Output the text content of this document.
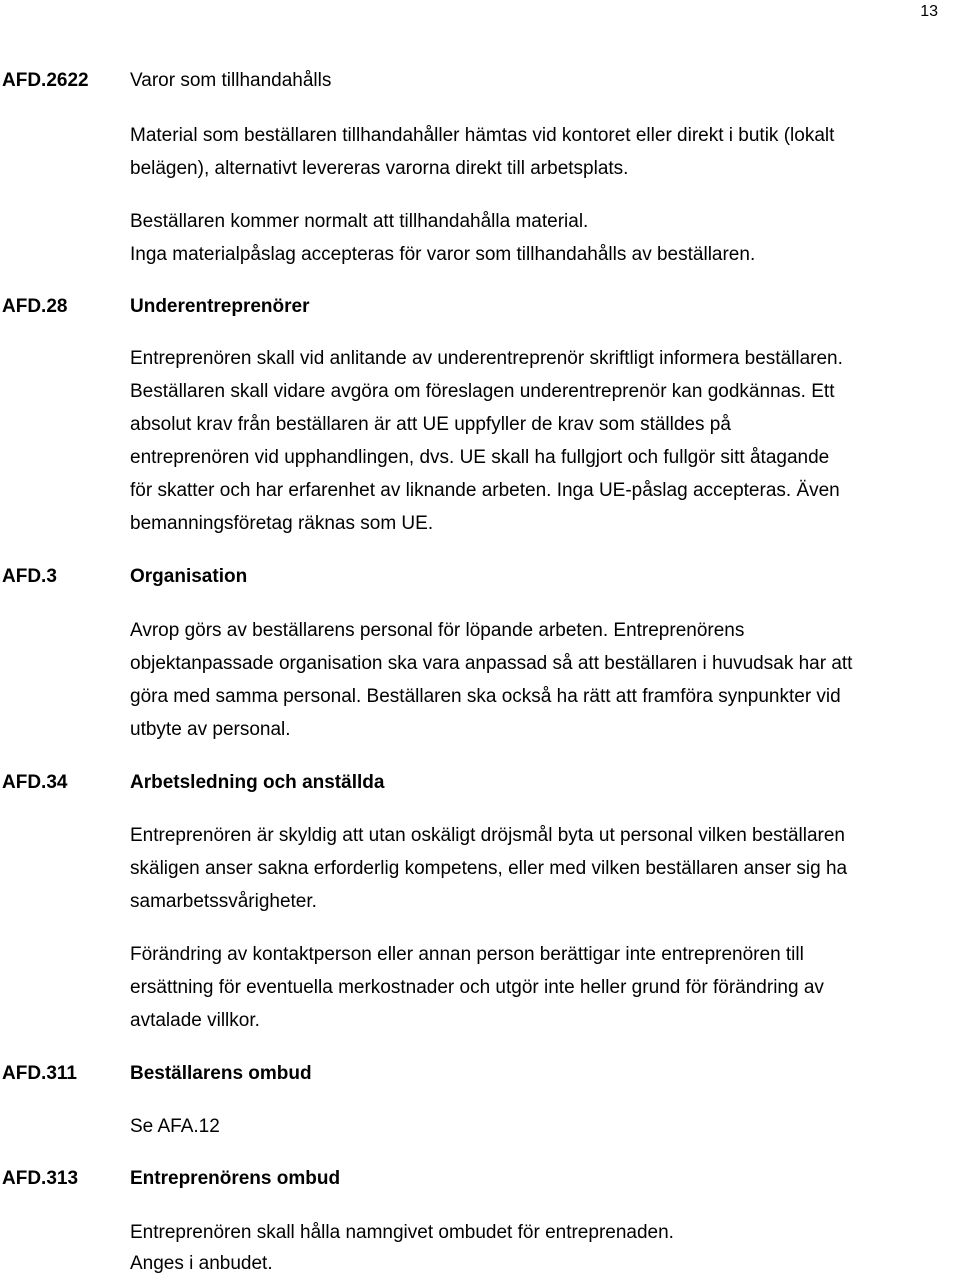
13
AFD.2622	Varor som tillhandahålls
Material som beställaren tillhandahåller hämtas vid kontoret eller direkt i butik (lokalt
belägen), alternativt levereras varorna direkt till arbetsplats.
Beställaren kommer normalt att tillhandahålla material.
Inga materialpåslag accepteras för varor som tillhandahålls av beställaren.
AFD.28	Underentreprenörer
Entreprenören skall vid anlitande av underentreprenör skriftligt informera beställaren.
Beställaren skall vidare avgöra om föreslagen underentreprenör kan godkännas. Ett
absolut krav från beställaren är att UE uppfyller de krav som ställdes på
entreprenören vid upphandlingen, dvs. UE skall ha fullgjort och fullgör sitt åtagande
för skatter och har erfarenhet av liknande arbeten. Inga UE-påslag accepteras. Även
bemanningsföretag räknas som UE.
AFD.3	Organisation
Avrop görs av beställarens personal för löpande arbeten. Entreprenörens
objektanpassade organisation ska vara anpassad så att beställaren i huvudsak har att
göra med samma personal. Beställaren ska också ha rätt att framföra synpunkter vid
utbyte av personal.
AFD.34	Arbetsledning och anställda
Entreprenören är skyldig att utan oskäligt dröjsmål byta ut personal vilken beställaren
skäligen anser sakna erforderlig kompetens, eller med vilken beställaren anser sig ha
samarbetssvårigheter.
Förändring av kontaktperson eller annan person berättigar inte entreprenören till
ersättning för eventuella merkostnader och utgör inte heller grund för förändring av
avtalade villkor.
AFD.311	Beställarens ombud
Se AFA.12
AFD.313	Entreprenörens ombud
Entreprenören skall hålla namngivet ombudet för entreprenaden.
Anges i anbudet.
